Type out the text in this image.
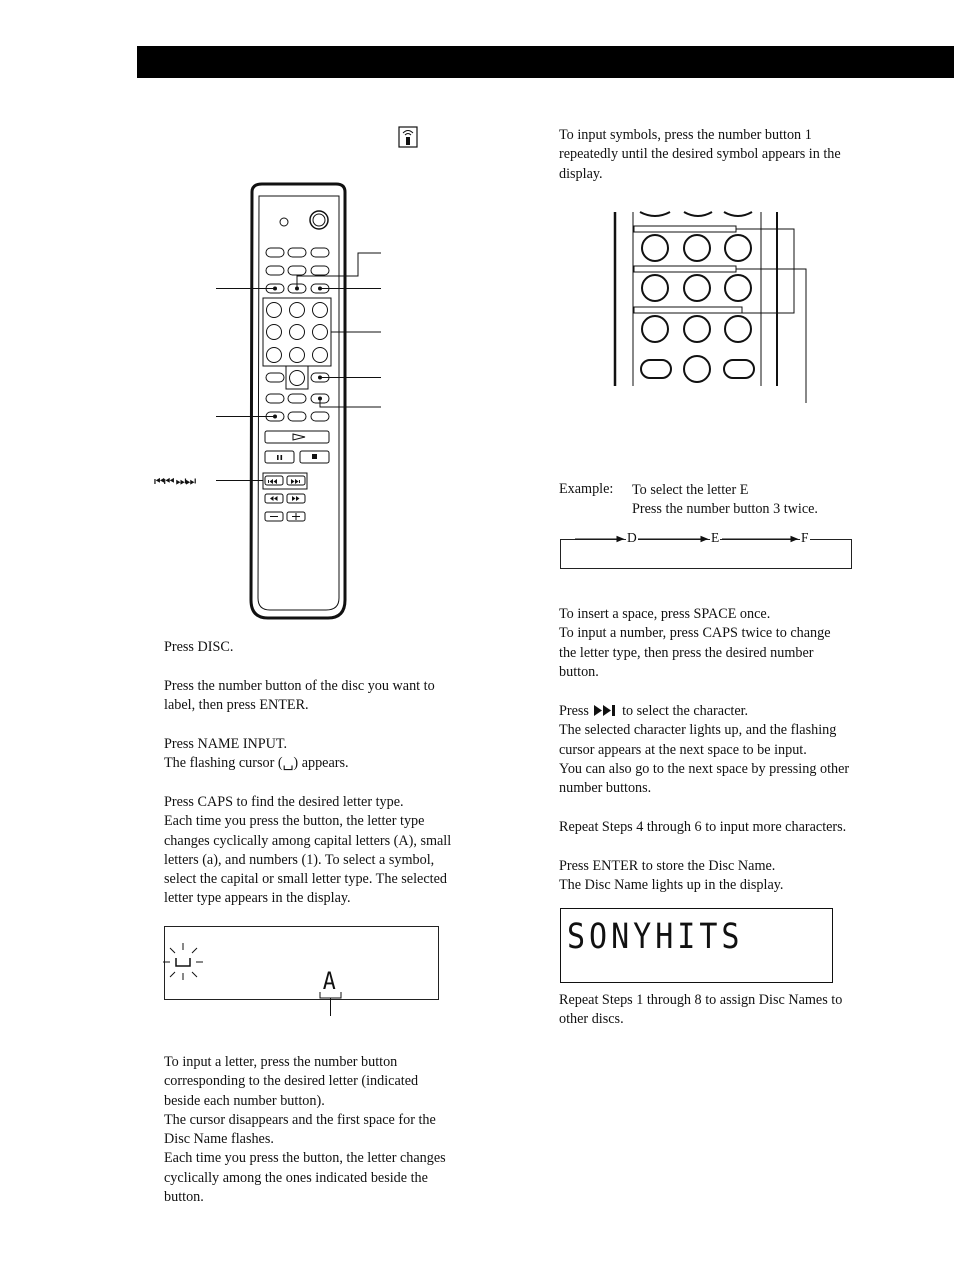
⏮⏮ ⏭⏭
Press DISC.
Press the number button of the disc you want to
label, then press ENTER.
Press NAME INPUT.
The flashing cursor (␣) appears.
Press CAPS to find the desired letter type.
Each time you press the button, the letter type
changes cyclically among capital letters (A), small
letters (a), and numbers (1). To select a symbol,
select the capital or small letter type. The selected
letter type appears in the display.
A
To input a letter, press the number button
corresponding to the desired letter (indicated
beside each number button).
The cursor disappears and the first space for the
Disc Name flashes.
Each time you press the button, the letter changes
cyclically among the ones indicated beside the
button.
To input symbols, press the number button 1
repeatedly until the desired symbol appears in the
display.
Example: To select the letter E
Press the number button 3 twice.
D	E	F
To insert a space, press SPACE once.
To input a number, press CAPS twice to change
the letter type, then press the desired number
button.
Press to select the character.
The selected character lights up, and the flashing
cursor appears at the next space to be input.
You can also go to the next space by pressing other
number buttons.
Repeat Steps 4 through 6 to input more characters.
Press ENTER to store the Disc Name.
The Disc Name lights up in the display.
SONYHITS
Repeat Steps 1 through 8 to assign Disc Names to
other discs.
